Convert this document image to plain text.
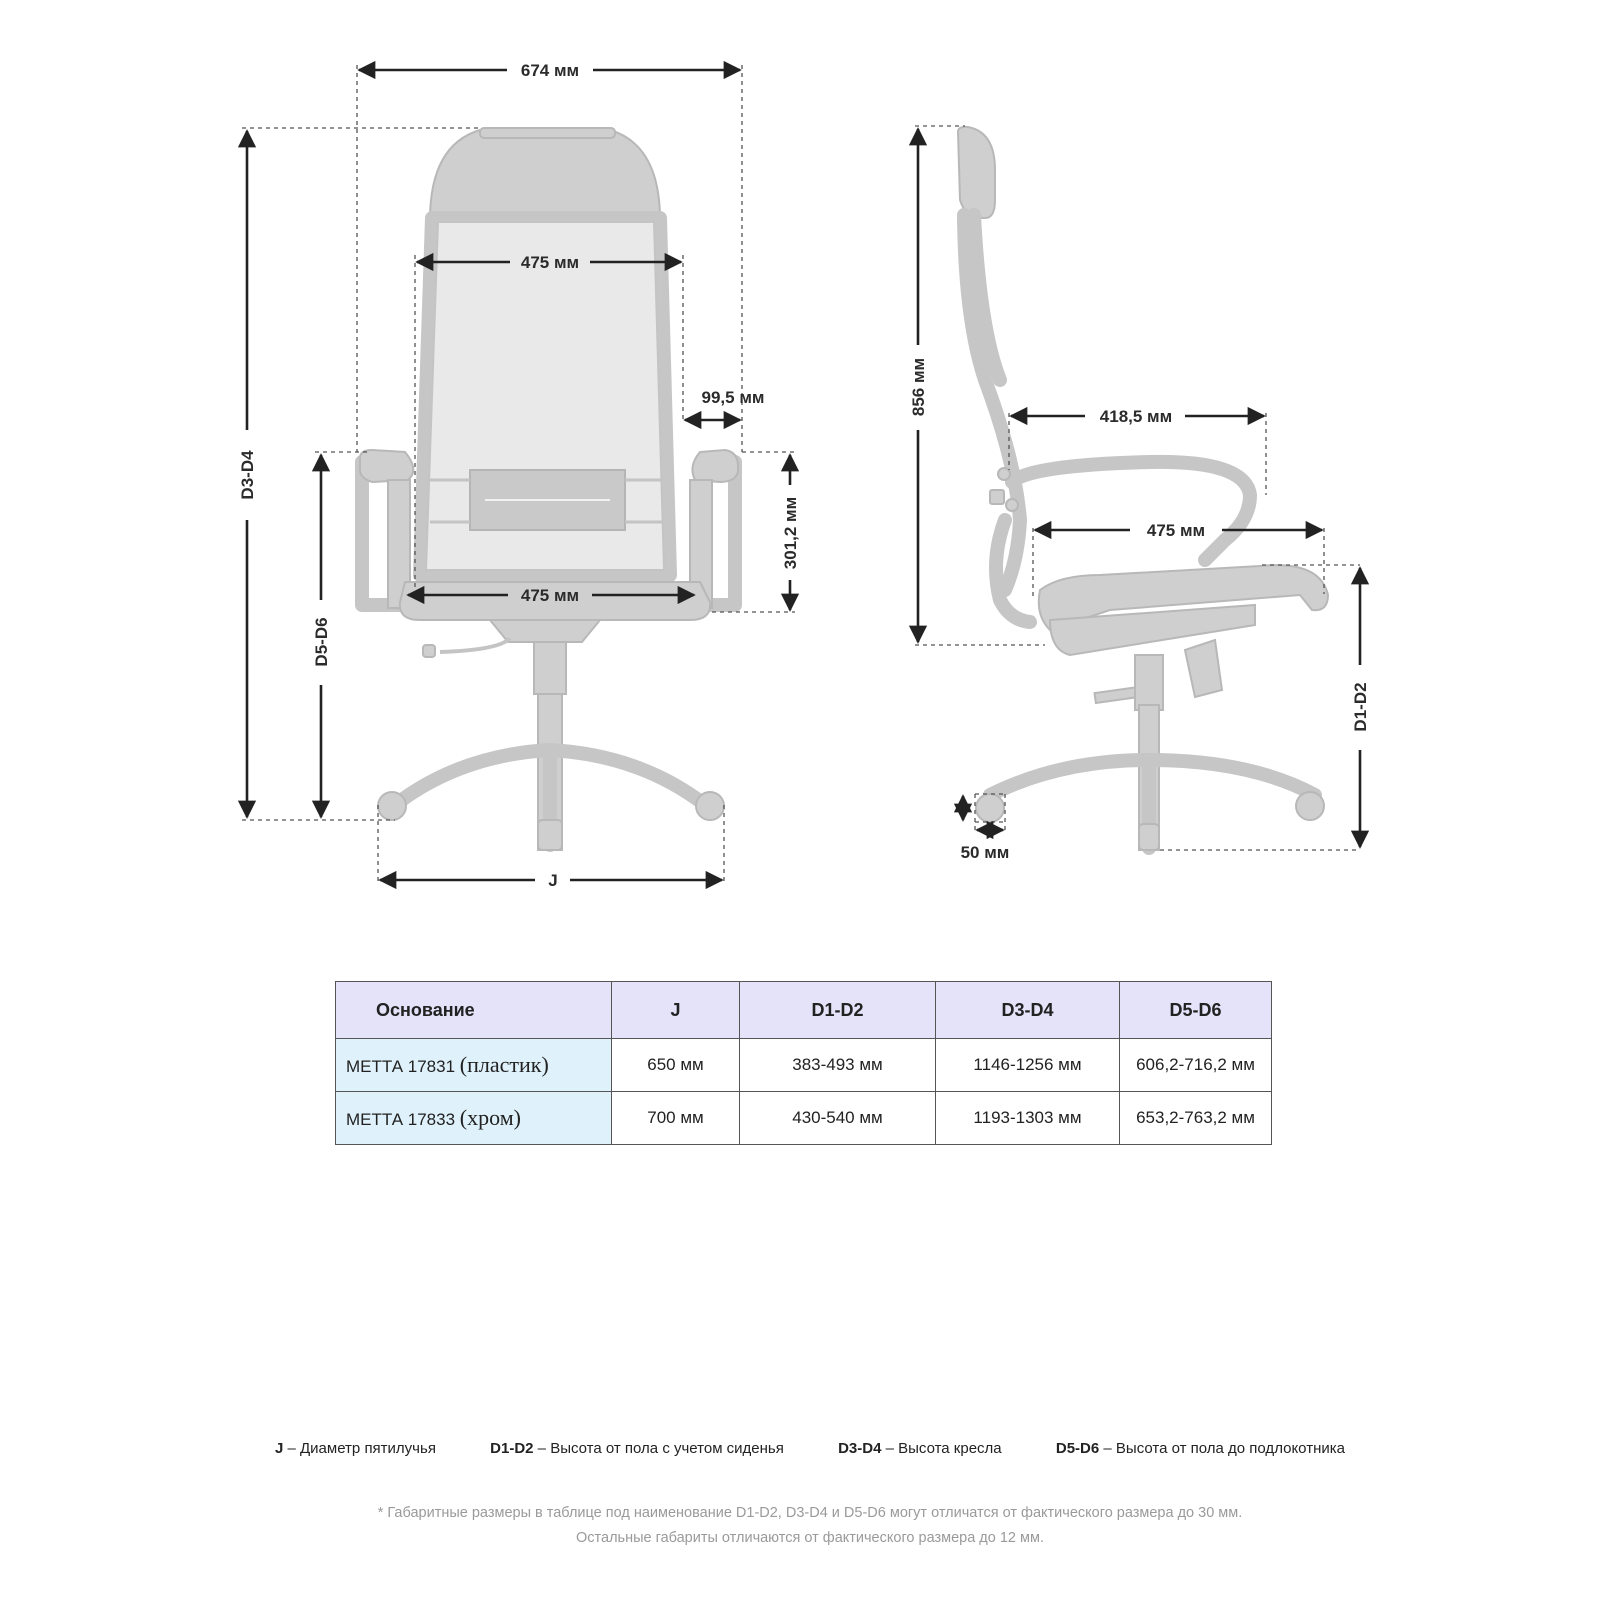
674 мм
475 мм
99,5 мм
301,2 мм
475 мм
D3-D4
D5-D6
J
856 мм
418,5 мм
475 мм
D1-D2
50 мм
Основание	J	D1-D2	D3-D4	D5-D6
МЕТТА 17831 (пластик)	650 мм	383-493 мм	1146-1256 мм	606,2-716,2 мм
МЕТТА 17833 (хром)	700 мм	430-540 мм	1193-1303 мм	653,2-763,2 мм
J – Диаметр пятилучья	D1-D2 – Высота от пола с учетом сиденья	D3-D4 – Высота кресла	D5-D6 – Высота от пола до подлокотника
* Габаритные размеры в таблице под наименование D1-D2, D3-D4 и D5-D6 могут отличатся от фактического размера до 30 мм.
Остальные габариты отличаются от фактического размера до 12 мм.
